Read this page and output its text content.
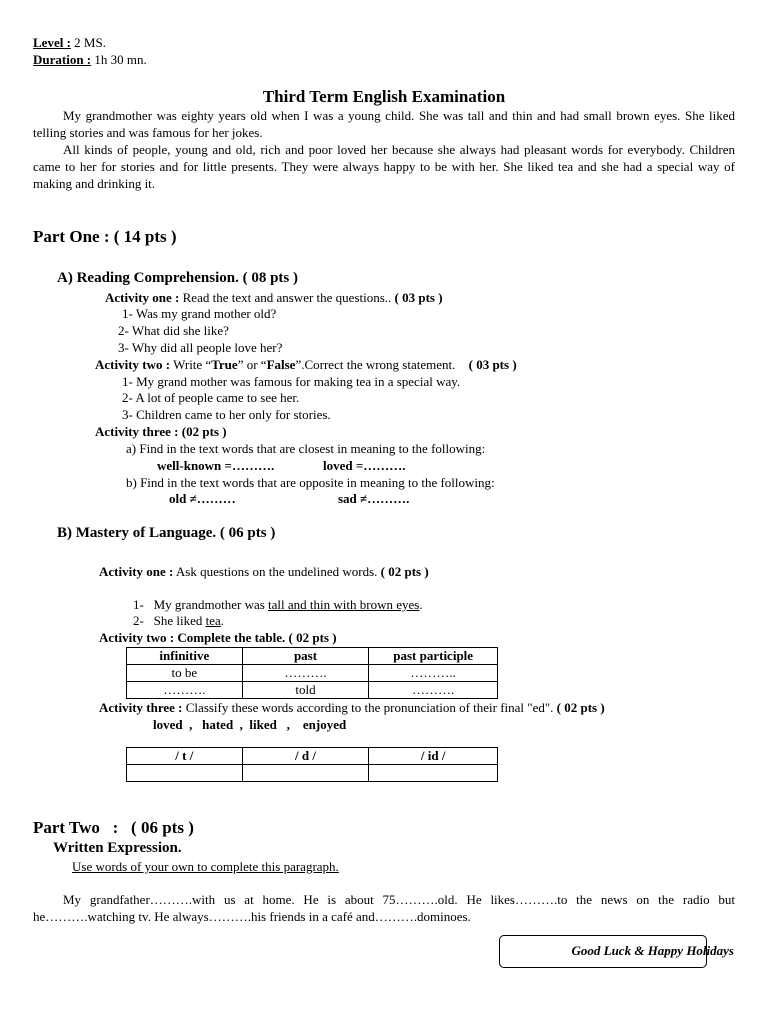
Level : 2 MS.
Duration : 1h 30 mn.
Third Term English Examination

My grandmother was eighty years old when I was a young child. She was tall and thin and had small brown eyes. She liked telling stories and was famous for her jokes.

All kinds of people, young and old, rich and poor loved her because she always had pleasant words for everybody. Children came to her for stories and for little presents. They were always happy to be with her. She liked tea and she had a special way of making and drinking it.

Part One : ( 14 pts )
A) Reading Comprehension. ( 08 pts )
Activity one : Read the text and answer the questions.. ( 03 pts )
1- Was my grand mother old?
2- What did she like?
3- Why did all people love her?
Activity two : Write “True” or “False”.Correct the wrong statement. ( 03 pts )
1- My grand mother was famous for making tea in a special way.
2- A lot of people came to see her.
3- Children came to her only for stories.
Activity three : (02 pts )
a) Find in the text words that are closest in meaning to the following:
well-known =……….	loved =……….
b) Find in the text words that are opposite in meaning to the following:
old ≠………	sad ≠……….
B) Mastery of Language. ( 06 pts )
Activity one : Ask questions on the undelined words. ( 02 pts )
1- My grandmother was tall and thin with brown eyes.
2- She liked tea.
Activity two : Complete the table. ( 02 pts )
infinitive	past	past participle
to be	……….	………..
……….	told	……….
Activity three : Classify these words according to the pronunciation of their final "ed". ( 02 pts )
loved  ,   hated  ,  liked   ,    enjoyed
/ t /	/ d /	/ id /

Part Two   :   ( 06 pts )
Written Expression.
Use words of your own to complete this paragraph.

My grandfather……….with us at home. He is about 75……….old. He likes……….to the news on the radio but he……….watching tv. He always……….his friends in a café and……….dominoes.

Good Luck & Happy Holidays
